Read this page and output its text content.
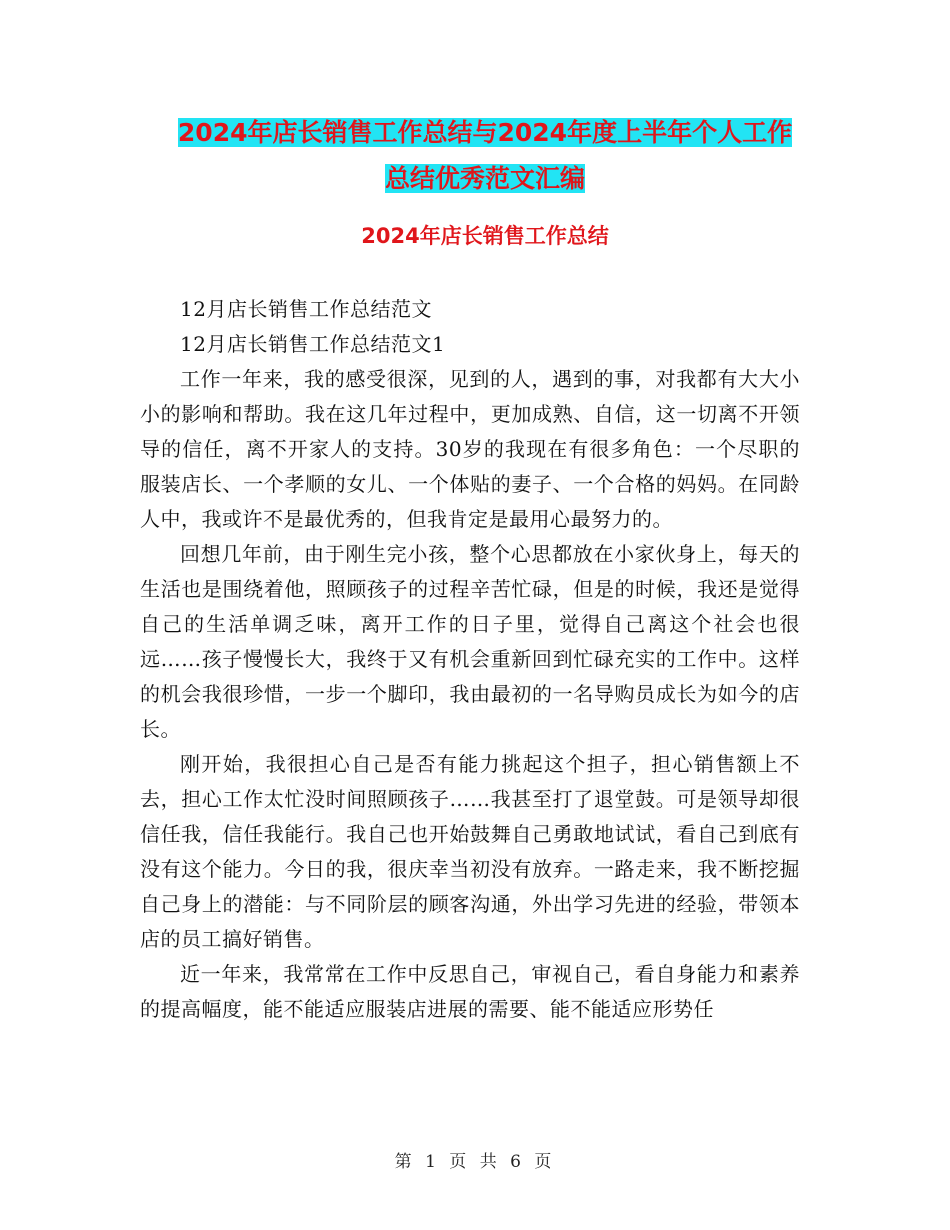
2024年店长销售工作总结与2024年度上半年个人工作
总结优秀范文汇编
2024年店长销售工作总结

12月店长销售工作总结范文

12月店长销售工作总结范文1

工作一年来，我的感受很深，见到的人，遇到的事，对我都有大大小小的影响和帮助。我在这几年过程中，更加成熟、自信，这一切离不开领导的信任，离不开家人的支持。30岁的我现在有很多角色：一个尽职的服装店长、一个孝顺的女儿、一个体贴的妻子、一个合格的妈妈。在同龄人中，我或许不是最优秀的，但我肯定是最用心最努力的。

回想几年前，由于刚生完小孩，整个心思都放在小家伙身上，每天的生活也是围绕着他，照顾孩子的过程辛苦忙碌，但是的时候，我还是觉得自己的生活单调乏味，离开工作的日子里，觉得自己离这个社会也很远……孩子慢慢长大，我终于又有机会重新回到忙碌充实的工作中。这样的机会我很珍惜，一步一个脚印，我由最初的一名导购员成长为如今的店长。

刚开始，我很担心自己是否有能力挑起这个担子，担心销售额上不去，担心工作太忙没时间照顾孩子……我甚至打了退堂鼓。可是领导却很信任我，信任我能行。我自己也开始鼓舞自己勇敢地试试，看自己到底有没有这个能力。今日的我，很庆幸当初没有放弃。一路走来，我不断挖掘自己身上的潜能：与不同阶层的顾客沟通，外出学习先进的经验，带领本店的员工搞好销售。

近一年来，我常常在工作中反思自己，审视自己，看自身能力和素养的提高幅度，能不能适应服装店进展的需要、能不能适应形势任

第 1 页 共 6 页
